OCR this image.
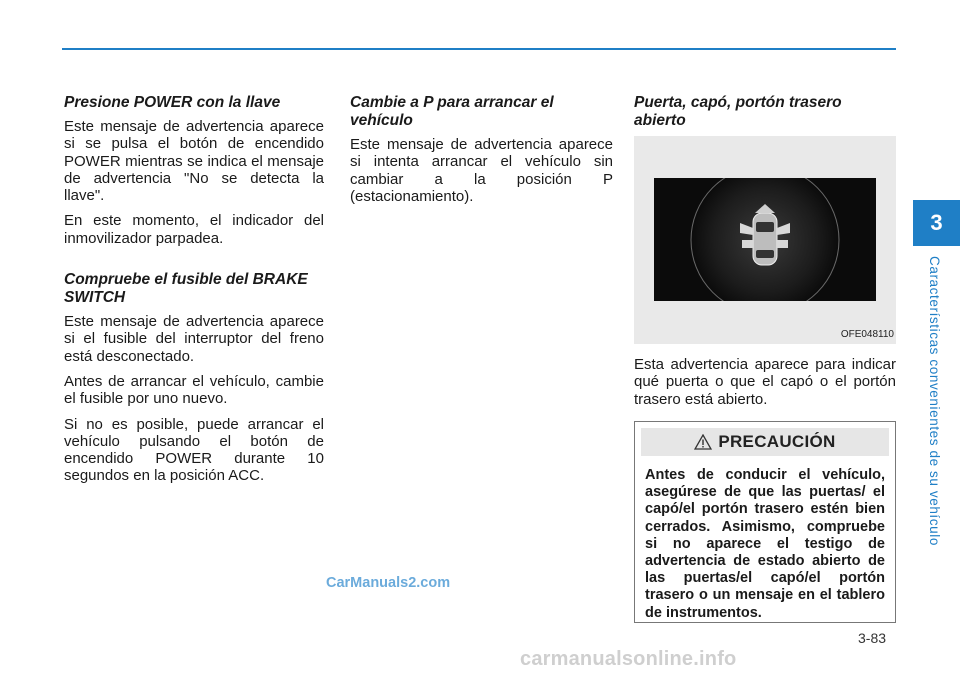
Presione POWER con la llave

Este mensaje de advertencia aparece si se pulsa el botón de encendido POWER mientras se indica el mensaje de advertencia "No se detecta la llave".

En este momento, el indicador del inmovilizador parpadea.

Compruebe el fusible del BRAKE SWITCH

Este mensaje de advertencia aparece si el fusible del interruptor del freno está desconectado.

Antes de arrancar el vehículo, cambie el fusible por uno nuevo.

Si no es posible, puede arrancar el vehículo pulsando el botón de encendido POWER durante 10 segundos en la posición ACC.

Cambie a P para arrancar el vehículo

Este mensaje de advertencia aparece si intenta arrancar el vehículo sin cambiar a la posición P (estacionamiento).

Puerta, capó, portón trasero abierto
OFE048110

Esta advertencia aparece para indicar qué puerta o que el capó o el portón trasero está abierto.

PRECAUCIÓN
Antes de conducir el vehículo, asegúrese de que las puertas/ el capó/el portón trasero estén bien cerrados. Asimismo, compruebe si no aparece el testigo de advertencia de estado abierto de las puertas/el capó/el portón trasero o un mensaje en el tablero de instrumentos.
3
Características convenientes de su vehículo
CarManuals2.com
3-83
carmanualsonline.info
